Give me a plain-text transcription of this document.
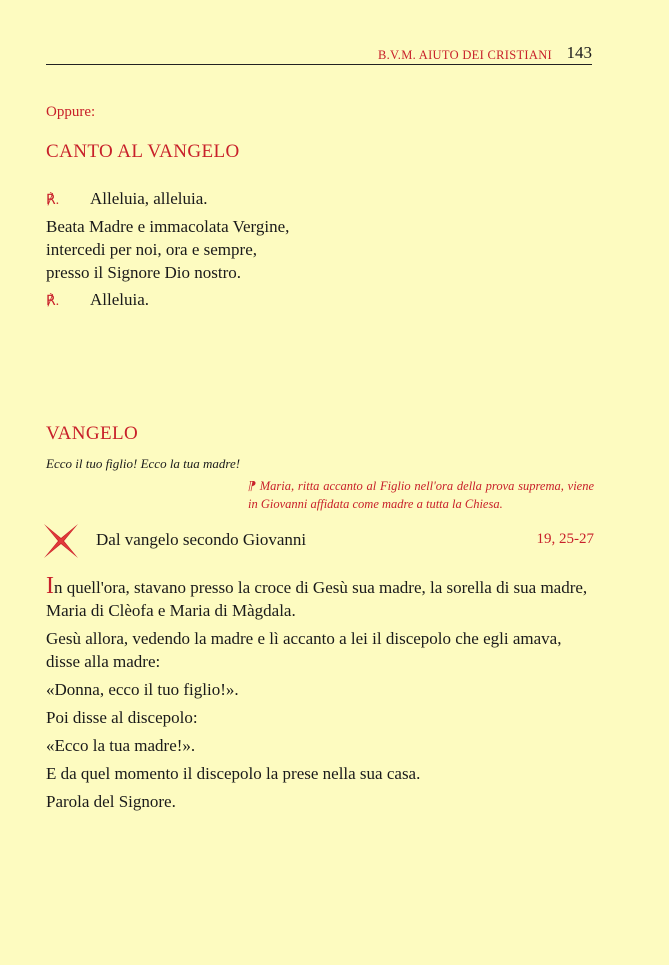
B.V.M. AIUTO DEI CRISTIANI 143
Oppure:
CANTO AL VANGELO
℟. Alleluia, alleluia.
Beata Madre e immacolata Vergine,
intercedi per noi, ora e sempre,
presso il Signore Dio nostro.
℟. Alleluia.
VANGELO
Ecco il tuo figlio! Ecco la tua madre!
⁋ Maria, ritta accanto al Figlio nell'ora della prova suprema, viene in Giovanni affidata come madre a tutta la Chiesa.
Dal vangelo secondo Giovanni	19, 25-27
In quell'ora, stavano presso la croce di Gesù sua madre, la sorella di sua madre, Maria di Clèofa e Maria di Màgdala.
Gesù allora, vedendo la madre e lì accanto a lei il discepolo che egli amava, disse alla madre:
«Donna, ecco il tuo figlio!».
Poi disse al discepolo:
«Ecco la tua madre!».
E da quel momento il discepolo la prese nella sua casa.
Parola del Signore.
